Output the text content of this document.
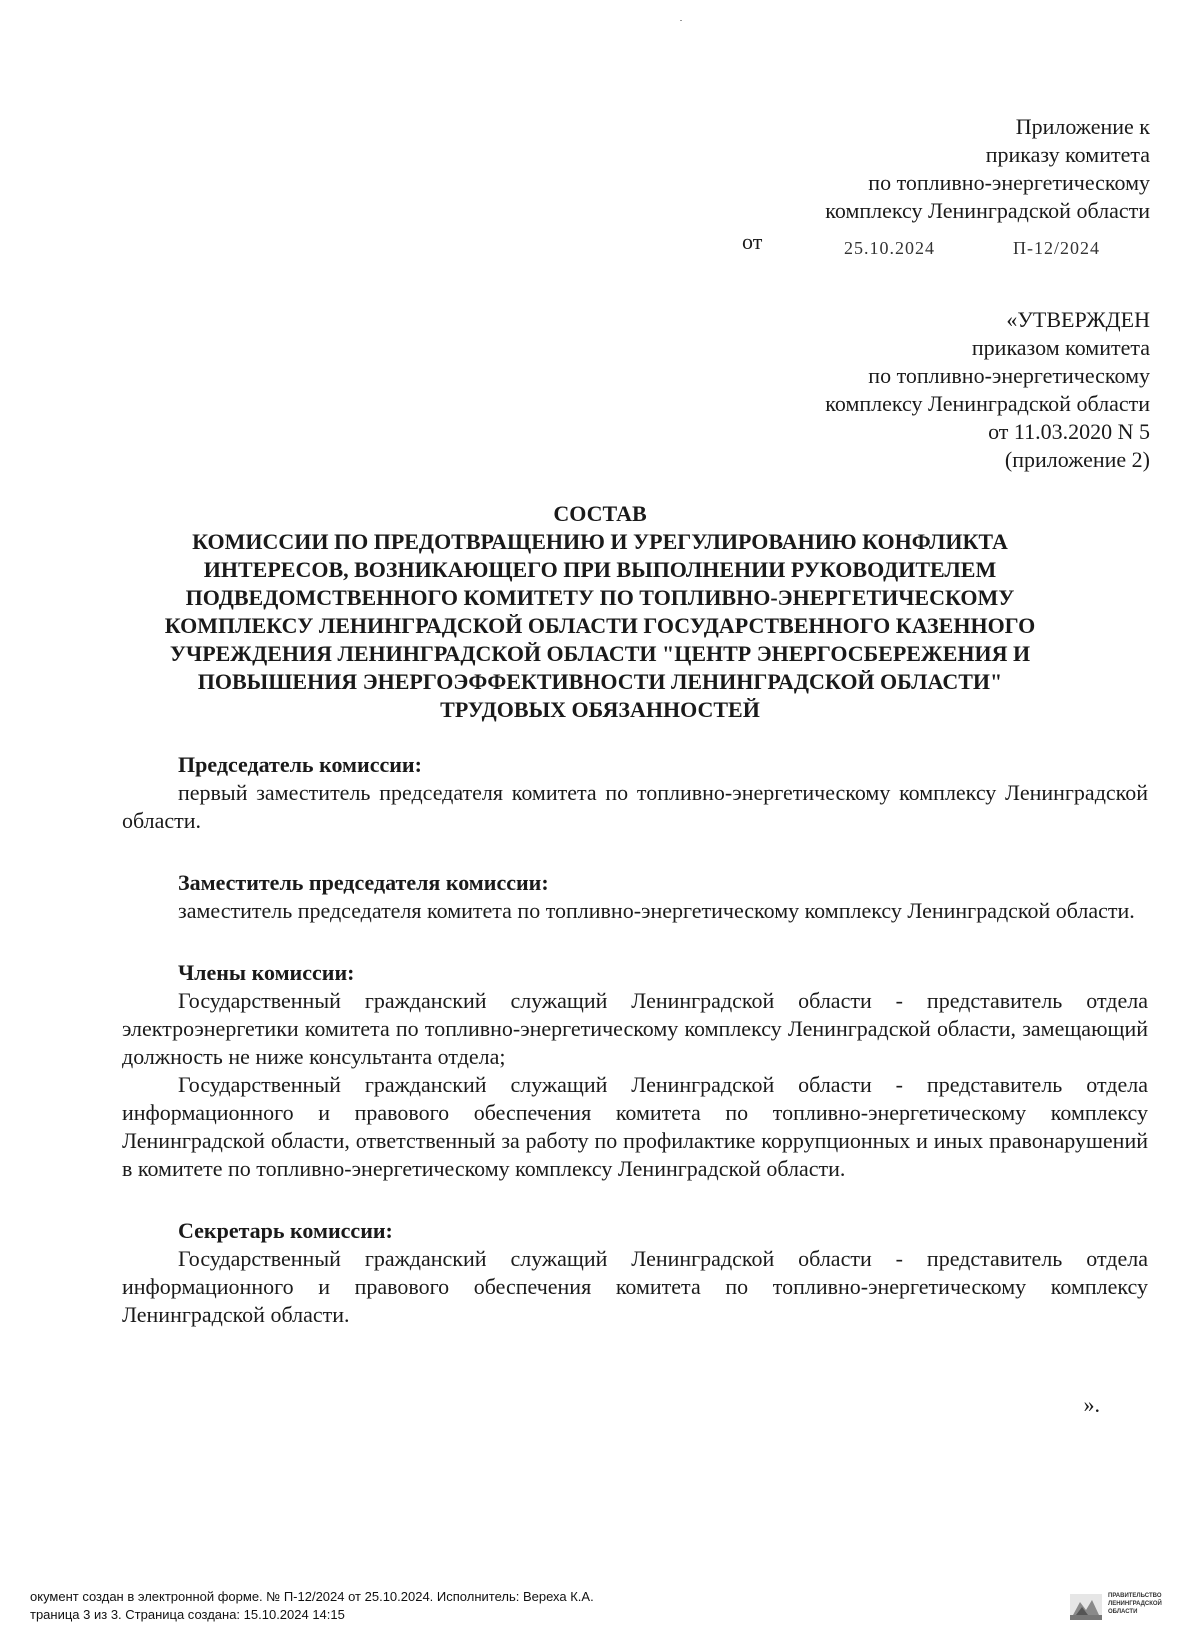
Приложение к
приказу комитета
по топливно-энергетическому
комплексу Ленинградской области
от	25.10.2024	П-12/2024
«УТВЕРЖДЕН
приказом комитета
по топливно-энергетическому
комплексу Ленинградской области
от 11.03.2020 N 5
(приложение 2)
СОСТАВ
КОМИССИИ ПО ПРЕДОТВРАЩЕНИЮ И УРЕГУЛИРОВАНИЮ КОНФЛИКТА
ИНТЕРЕСОВ, ВОЗНИКАЮЩЕГО ПРИ ВЫПОЛНЕНИИ РУКОВОДИТЕЛЕМ
ПОДВЕДОМСТВЕННОГО КОМИТЕТУ ПО ТОПЛИВНО-ЭНЕРГЕТИЧЕСКОМУ
КОМПЛЕКСУ ЛЕНИНГРАДСКОЙ ОБЛАСТИ ГОСУДАРСТВЕННОГО КАЗЕННОГО
УЧРЕЖДЕНИЯ ЛЕНИНГРАДСКОЙ ОБЛАСТИ "ЦЕНТР ЭНЕРГОСБЕРЕЖЕНИЯ И
ПОВЫШЕНИЯ ЭНЕРГОЭФФЕКТИВНОСТИ ЛЕНИНГРАДСКОЙ ОБЛАСТИ"
ТРУДОВЫХ ОБЯЗАННОСТЕЙ
Председатель комиссии:

первый заместитель председателя комитета по топливно-энергетическому комплексу Ленинградской области.

Заместитель председателя комиссии:

заместитель председателя комитета по топливно-энергетическому комплексу Ленинградской области.

Члены комиссии:

Государственный гражданский служащий Ленинградской области - представитель отдела электроэнергетики комитета по топливно-энергетическому комплексу Ленинградской области, замещающий должность не ниже консультанта отдела;

Государственный гражданский служащий Ленинградской области - представитель отдела информационного и правового обеспечения комитета по топливно-энергетическому комплексу Ленинградской области, ответственный за работу по профилактике коррупционных и иных правонарушений в комитете по топливно-энергетическому комплексу Ленинградской области.

Секретарь комиссии:

Государственный гражданский служащий Ленинградской области - представитель отдела информационного и правового обеспечения комитета по топливно-энергетическому комплексу Ленинградской области.

».
окумент создан в электронной форме. № П-12/2024 от 25.10.2024. Исполнитель: Вереха К.А.
траница 3 из 3. Страница создана: 15.10.2024 14:15
ПРАВИТЕЛЬСТВО
ЛЕНИНГРАДСКОЙ
ОБЛАСТИ
